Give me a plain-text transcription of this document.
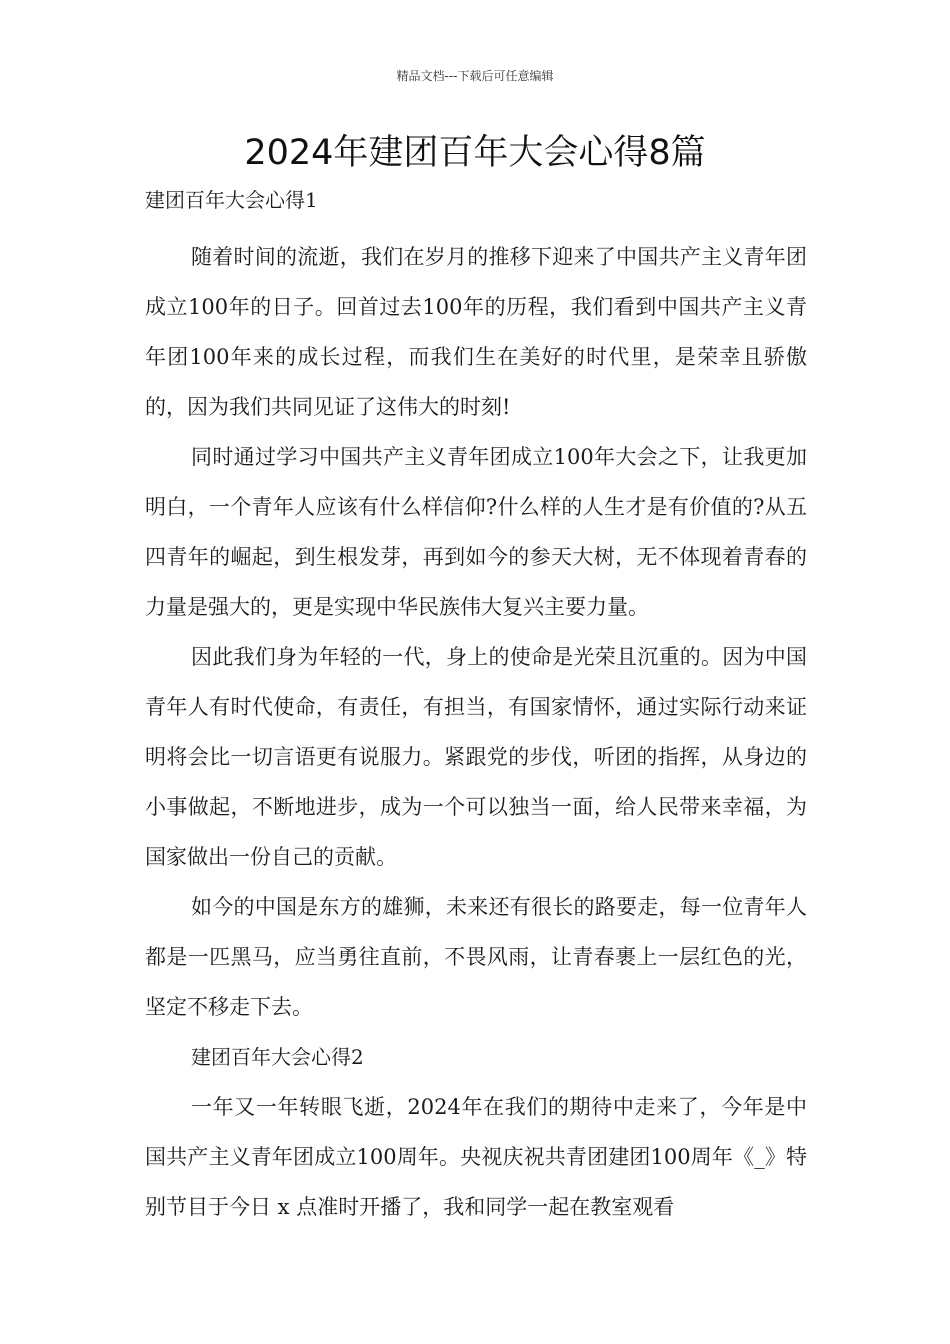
精品文档---下载后可任意编辑
2024年建团百年大会心得8篇
建团百年大会心得1

随着时间的流逝，我们在岁月的推移下迎来了中国共产主义青年团成立100年的日子。回首过去100年的历程，我们看到中国共产主义青年团100年来的成长过程，而我们生在美好的时代里，是荣幸且骄傲的，因为我们共同见证了这伟大的时刻!

同时通过学习中国共产主义青年团成立100年大会之下，让我更加明白，一个青年人应该有什么样信仰?什么样的人生才是有价值的?从五四青年的崛起，到生根发芽，再到如今的参天大树，无不体现着青春的力量是强大的，更是实现中华民族伟大复兴主要力量。

因此我们身为年轻的一代，身上的使命是光荣且沉重的。因为中国青年人有时代使命，有责任，有担当，有国家情怀，通过实际行动来证明将会比一切言语更有说服力。紧跟党的步伐，听团的指挥，从身边的小事做起，不断地进步，成为一个可以独当一面，给人民带来幸福，为国家做出一份自己的贡献。

如今的中国是东方的雄狮，未来还有很长的路要走，每一位青年人都是一匹黑马，应当勇往直前，不畏风雨，让青春裹上一层红色的光，坚定不移走下去。

建团百年大会心得2

一年又一年转眼飞逝，2024年在我们的期待中走来了，今年是中国共产主义青年团成立100周年。央视庆祝共青团建团100周年《_》特别节目于今日 x 点准时开播了，我和同学一起在教室观看
